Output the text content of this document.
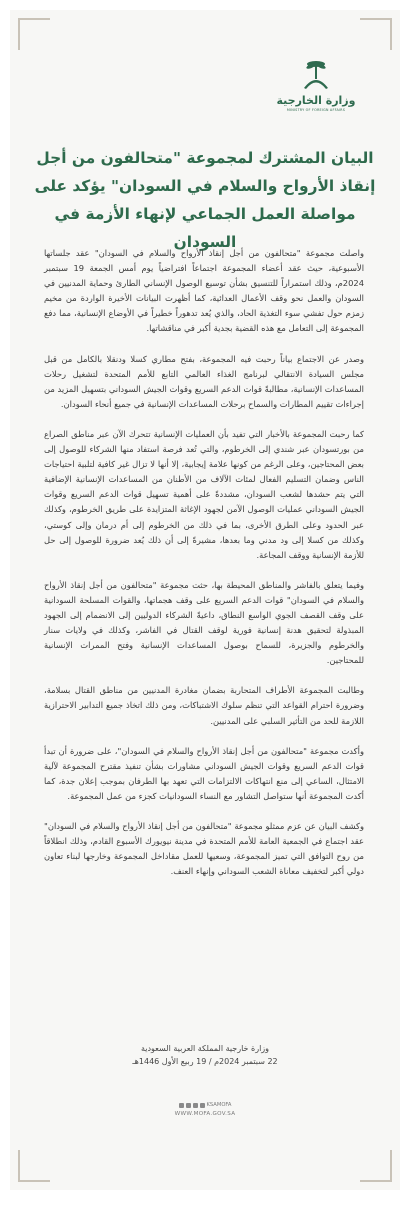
وزارة الخارجية
MINISTRY OF FOREIGN AFFAIRS
البيان المشترك لمجموعة "متحالفون من أجل
إنقاذ الأرواح والسلام في السودان" يؤكد على
مواصلة العمل الجماعي لإنهاء الأزمة في السودان

واصلت مجموعة "متحالفون من أجل إنقاذ الأرواح والسلام في السودان" عقد جلساتها الأسبوعية، حيث عقد أعضاء المجموعة اجتماعاً افتراضياً يوم أمس الجمعة 19 سبتمبر 2024م، وذلك استمراراً للتنسيق بشأن توسيع الوصول الإنساني الطارئ وحماية المدنيين في السودان والعمل نحو وقف الأعمال العدائية، كما أظهرت البيانات الأخيرة الواردة من مخيم زمزم حول تفشي سوء التغذية الحاد، والذي يُعد تدهوراً خطيراً في الأوضاع الإنسانية، مما دفع المجموعة إلى التعامل مع هذه القضية بجدية أكبر في مناقشاتها.

وصدر عن الاجتماع بياناً رحبت فيه المجموعة، بفتح مطاري كسلا ودنقلا بالكامل من قبل مجلس السيادة الانتقالي لبرنامج الغذاء العالمي التابع للأمم المتحدة لتشغيل رحلات المساعدات الإنسانية، مطالبةً قوات الدعم السريع وقوات الجيش السوداني بتسهيل المزيد من إجراءات تقييم المطارات والسماح برحلات المساعدات الإنسانية في جميع أنحاء السودان.

كما رحبت المجموعة بالأخبار التي تفيد بأن العمليات الإنسانية تتحرك الآن عبر مناطق الصراع من بورتسودان عبر شندي إلى الخرطوم، والتي تُعد فرصة استفاد منها الشركاء للوصول إلى بعض المحتاجين، وعلى الرغم من كونها علامة إيجابية، إلا أنها لا تزال غير كافية لتلبية احتياجات الناس وضمان التسليم الفعال لمئات الآلاف من الأطنان من المساعدات الإنسانية الإضافية التي يتم حشدها لشعب السودان، مشددةً على أهمية تسهيل قوات الدعم السريع وقوات الجيش السوداني عمليات الوصول الآمن لجهود الإغاثة المتزايدة على طريق الخرطوم، وكذلك عبر الحدود وعلى الطرق الأخرى، بما في ذلك من الخرطوم إلى أم درمان وإلى كوستي، وكذلك من كسلا إلى ود مدني وما بعدها، مشيرةً إلى أن ذلك يُعد ضرورة للوصول إلى حل للأزمة الإنسانية ووقف المجاعة.

وفيما يتعلق بالفاشر والمناطق المحيطة بها، حثت مجموعة "متحالفون من أجل إنقاذ الأرواح والسلام في السودان" قوات الدعم السريع على وقف هجماتها، والقوات المسلحة السودانية على وقف القصف الجوي الواسع النطاق، داعيةً الشركاء الدوليين إلى الانضمام إلى الجهود المبذولة لتحقيق هدنة إنسانية فورية لوقف القتال في الفاشر، وكذلك في ولايات سنار والخرطوم والجزيرة، للسماح بوصول المساعدات الإنسانية وفتح الممرات الإنسانية للمحتاجين.

وطالبت المجموعة الأطراف المتحاربة بضمان مغادرة المدنيين من مناطق القتال بسلامة، وضرورة احترام القواعد التي تنظم سلوك الاشتباكات، ومن ذلك اتخاذ جميع التدابير الاحترازية اللازمة للحد من التأثير السلبي على المدنيين.

وأكدت مجموعة "متحالفون من أجل إنقاذ الأرواح والسلام في السودان"، على ضرورة أن تبدأ قوات الدعم السريع وقوات الجيش السوداني مشاورات بشأن تنفيذ مقترح المجموعة لآلية الامتثال، الساعي إلى منع انتهاكات الالتزامات التي تعهد بها الطرفان بموجب إعلان جدة، كما أكدت المجموعة أنها ستواصل التشاور مع النساء السودانيات كجزء من عمل المجموعة.

وكشف البيان عن عزم ممثلو مجموعة "متحالفون من أجل إنقاذ الأرواح والسلام في السودان" عقد اجتماع في الجمعية العامة للأمم المتحدة في مدينة نيويورك الأسبوع القادم، وذلك انطلاقاً من روح التوافق التي تميز المجموعة، وسعيها للعمل مقاداخل المجموعة وخارجها لبناء تعاون دولي أكبر لتخفيف معاناة الشعب السوداني وإنهاء العنف.

وزارة خارجية المملكة العربية السعودية
22 سبتمبر 2024م / 19 ربيع الأول 1446هـ
KSAMOFA
WWW.MOFA.GOV.SA
